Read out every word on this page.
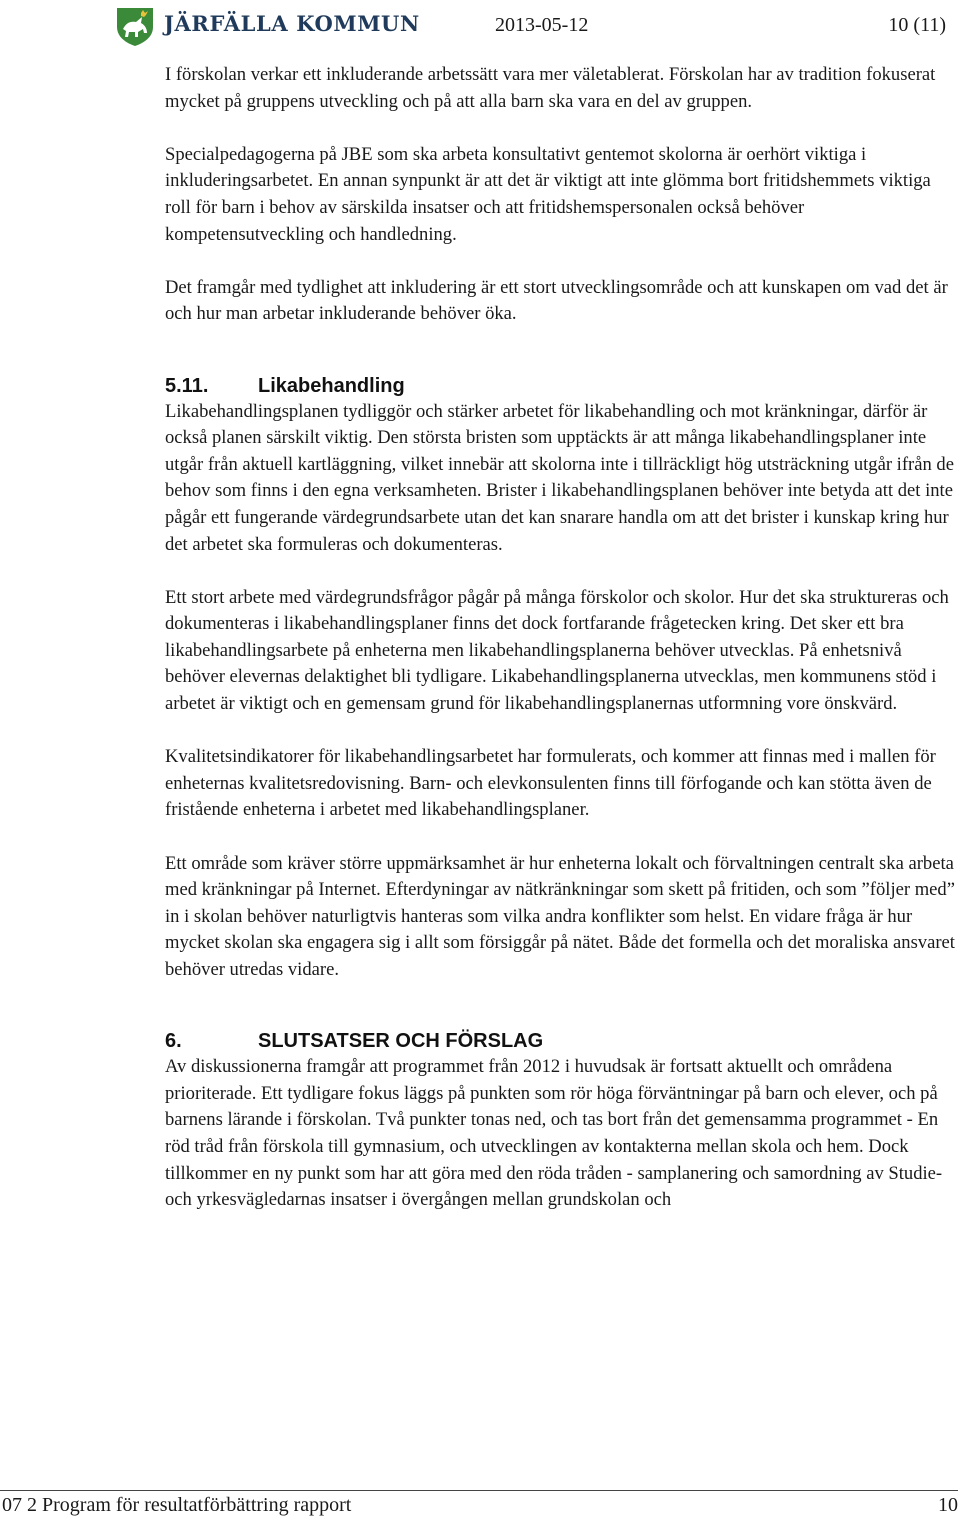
JÄRFÄLLA KOMMUN	2013-05-12	10 (11)

I förskolan verkar ett inkluderande arbetssätt vara mer väletablerat. Förskolan har av tradition fokuserat mycket på gruppens utveckling och på att alla barn ska vara en del av gruppen.

Specialpedagogerna på JBE som ska arbeta konsultativt gentemot skolorna är oerhört viktiga i inkluderingsarbetet. En annan synpunkt är att det är viktigt att inte glömma bort fritidshemmets viktiga roll för barn i behov av särskilda insatser och att fritidshemspersonalen också behöver kompetensutveckling och handledning.

Det framgår med tydlighet att inkludering är ett stort utvecklingsområde och att kunskapen om vad det är och hur man arbetar inkluderande behöver öka.

5.11. Likabehandling

Likabehandlingsplanen tydliggör och stärker arbetet för likabehandling och mot kränkningar, därför är också planen särskilt viktig. Den största bristen som upptäckts är att många likabehandlingsplaner inte utgår från aktuell kartläggning, vilket innebär att skolorna inte i tillräckligt hög utsträckning utgår ifrån de behov som finns i den egna verksamheten. Brister i likabehandlingsplanen behöver inte betyda att det inte pågår ett fungerande värdegrundsarbete utan det kan snarare handla om att det brister i kunskap kring hur det arbetet ska formuleras och dokumenteras.

Ett stort arbete med värdegrundsfrågor pågår på många förskolor och skolor. Hur det ska struktureras och dokumenteras i likabehandlingsplaner finns det dock fortfarande frågetecken kring. Det sker ett bra likabehandlingsarbete på enheterna men likabehandlingsplanerna behöver utvecklas. På enhetsnivå behöver elevernas delaktighet bli tydligare. Likabehandlingsplanerna utvecklas, men kommunens stöd i arbetet är viktigt och en gemensam grund för likabehandlingsplanernas utformning vore önskvärd.

Kvalitetsindikatorer för likabehandlingsarbetet har formulerats, och kommer att finnas med i mallen för enheternas kvalitetsredovisning. Barn- och elevkonsulenten finns till förfogande och kan stötta även de fristående enheterna i arbetet med likabehandlingsplaner.

Ett område som kräver större uppmärksamhet är hur enheterna lokalt och förvaltningen centralt ska arbeta med kränkningar på Internet. Efterdyningar av nätkränkningar som skett på fritiden, och som ”följer med” in i skolan behöver naturligtvis hanteras som vilka andra konflikter som helst. En vidare fråga är hur mycket skolan ska engagera sig i allt som försiggår på nätet. Både det formella och det moraliska ansvaret behöver utredas vidare.

6.	SLUTSATSER OCH FÖRSLAG

Av diskussionerna framgår att programmet från 2012 i huvudsak är fortsatt aktuellt och områdena prioriterade. Ett tydligare fokus läggs på punkten som rör höga förväntningar på barn och elever, och på barnens lärande i förskolan. Två punkter tonas ned, och tas bort från det gemensamma programmet - En röd tråd från förskola till gymnasium, och utvecklingen av kontakterna mellan skola och hem. Dock tillkommer en ny punkt som har att göra med den röda tråden - samplanering och samordning av Studie- och yrkesvägledarnas insatser i övergången mellan grundskolan och

07 2 Program för resultatförbättring rapport	10
